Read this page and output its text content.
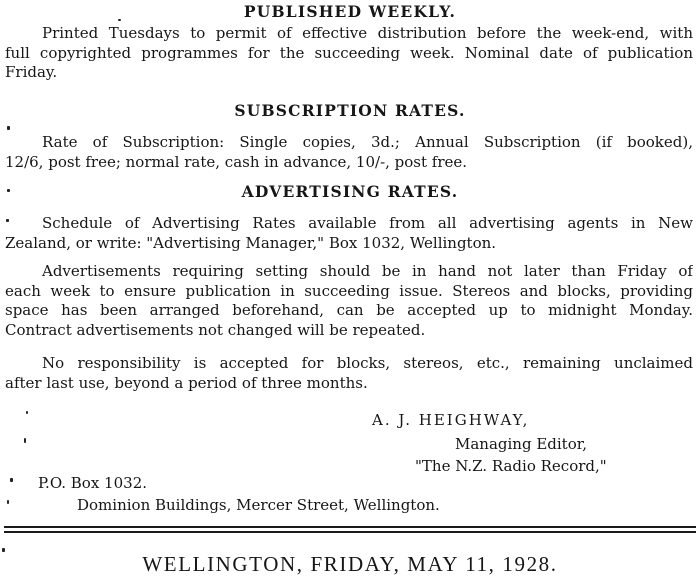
PUBLISHED WEEKLY.
Printed Tuesdays to permit of effective distribution before the week-end, with
full copyrighted programmes for the succeeding week. Nominal date of publication
Friday.
SUBSCRIPTION RATES.
Rate of Subscription: Single copies, 3d.; Annual Subscription (if booked),
12/6, post free; normal rate, cash in advance, 10/-, post free.
ADVERTISING RATES.
Schedule of Advertising Rates available from all advertising agents in New
Zealand, or write: "Advertising Manager," Box 1032, Wellington.
Advertisements requiring setting should be in hand not later than Friday of
each week to ensure publication in succeeding issue. Stereos and blocks, providing
space has been arranged beforehand, can be accepted up to midnight Monday.
Contract advertisements not changed will be repeated.
No responsibility is accepted for blocks, stereos, etc., remaining unclaimed
after last use, beyond a period of three months.
A. J. HEIGHWAY,
Managing Editor,
"The N.Z. Radio Record,"
P.O. Box 1032.
Dominion Buildings, Mercer Street, Wellington.
WELLINGTON, FRIDAY, MAY 11, 1928.
